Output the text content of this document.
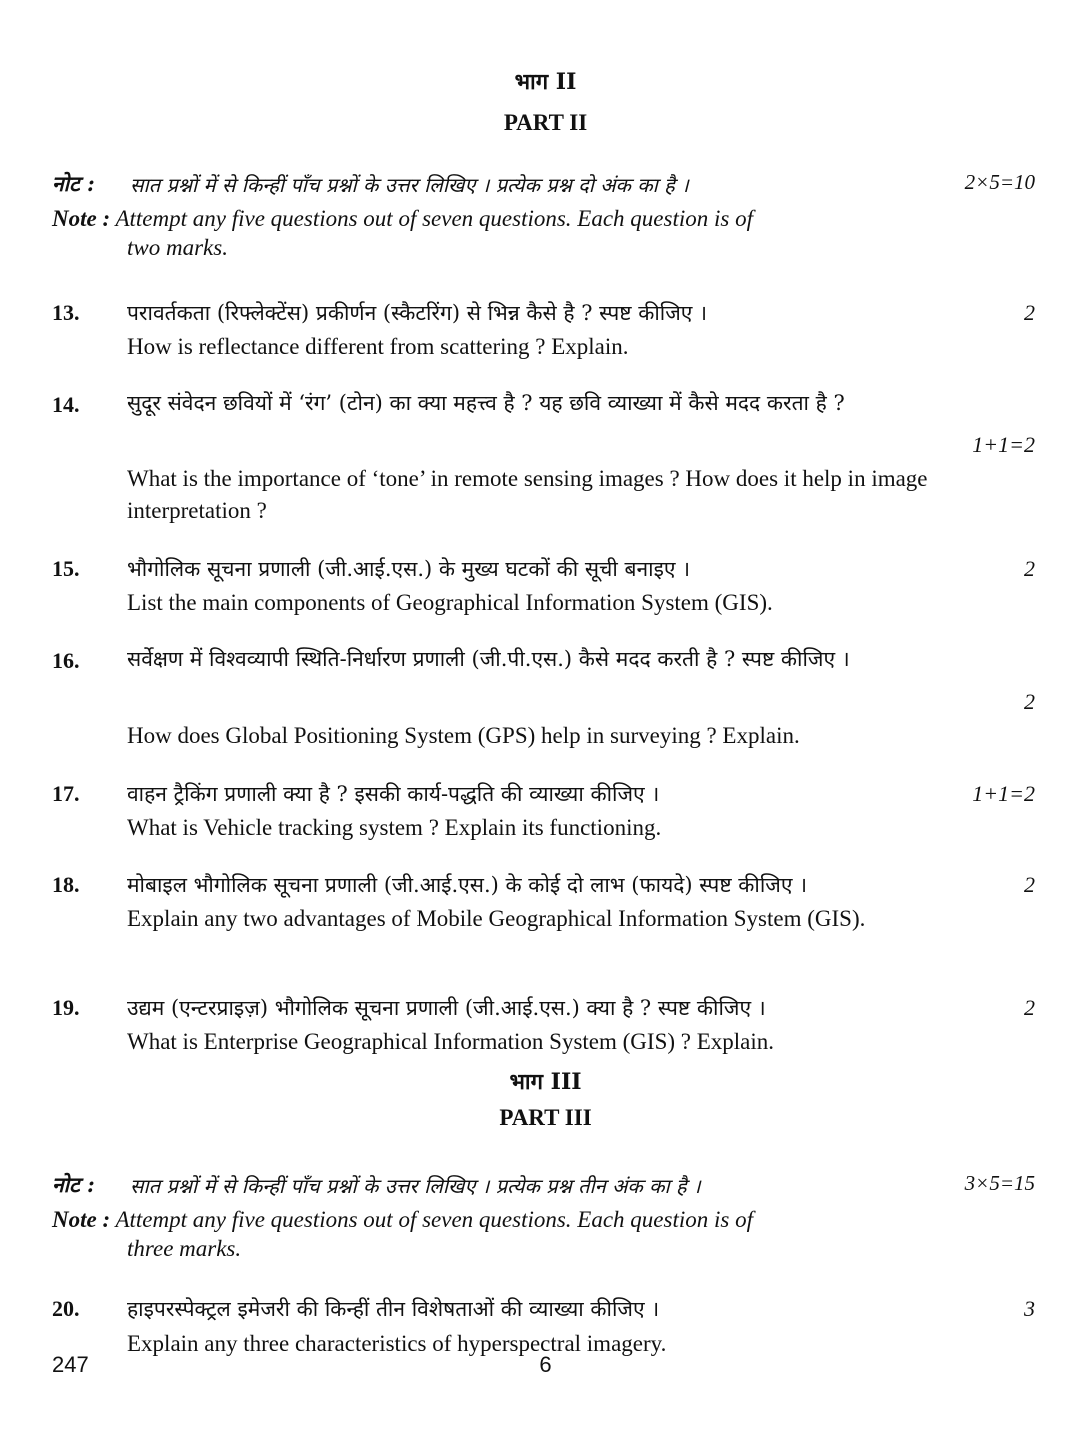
भाग II
PART II
नोट : सात प्रश्नों में से किन्हीं पाँच प्रश्नों के उत्तर लिखिए । प्रत्येक प्रश्न दो अंक का है ।	2×5=10
Note : Attempt any five questions out of seven questions. Each question is of
two marks.
13. परावर्तकता (रिफ्लेक्टेंस) प्रकीर्णन (स्कैटरिंग) से भिन्न कैसे है ? स्पष्ट कीजिए ।	2
How is reflectance different from scattering ? Explain.
14. सुदूर संवेदन छवियों में ‘रंग’ (टोन) का क्या महत्त्व है ? यह छवि व्याख्या में कैसे मदद करता है ?
1+1=2
What is the importance of ‘tone’ in remote sensing images ? How does it help in image interpretation ?
15. भौगोलिक सूचना प्रणाली (जी.आई.एस.) के मुख्य घटकों की सूची बनाइए ।	2
List the main components of Geographical Information System (GIS).
16. सर्वेक्षण में विश्वव्यापी स्थिति-निर्धारण प्रणाली (जी.पी.एस.) कैसे मदद करती है ? स्पष्ट कीजिए ।
2
How does Global Positioning System (GPS) help in surveying ? Explain.
17. वाहन ट्रैकिंग प्रणाली क्या है ? इसकी कार्य-पद्धति की व्याख्या कीजिए ।	1+1=2
What is Vehicle tracking system ? Explain its functioning.
18. मोबाइल भौगोलिक सूचना प्रणाली (जी.आई.एस.) के कोई दो लाभ (फायदे) स्पष्ट कीजिए ।	2
Explain any two advantages of Mobile Geographical Information System (GIS).
19. उद्यम (एन्टरप्राइज़) भौगोलिक सूचना प्रणाली (जी.आई.एस.) क्या है ? स्पष्ट कीजिए ।	2
What is Enterprise Geographical Information System (GIS) ? Explain.
भाग III
PART III
नोट : सात प्रश्नों में से किन्हीं पाँच प्रश्नों के उत्तर लिखिए । प्रत्येक प्रश्न तीन अंक का है ।	3×5=15
Note : Attempt any five questions out of seven questions. Each question is of
three marks.
20. हाइपरस्पेक्ट्रल इमेजरी की किन्हीं तीन विशेषताओं की व्याख्या कीजिए ।	3
Explain any three characteristics of hyperspectral imagery.
247	6
